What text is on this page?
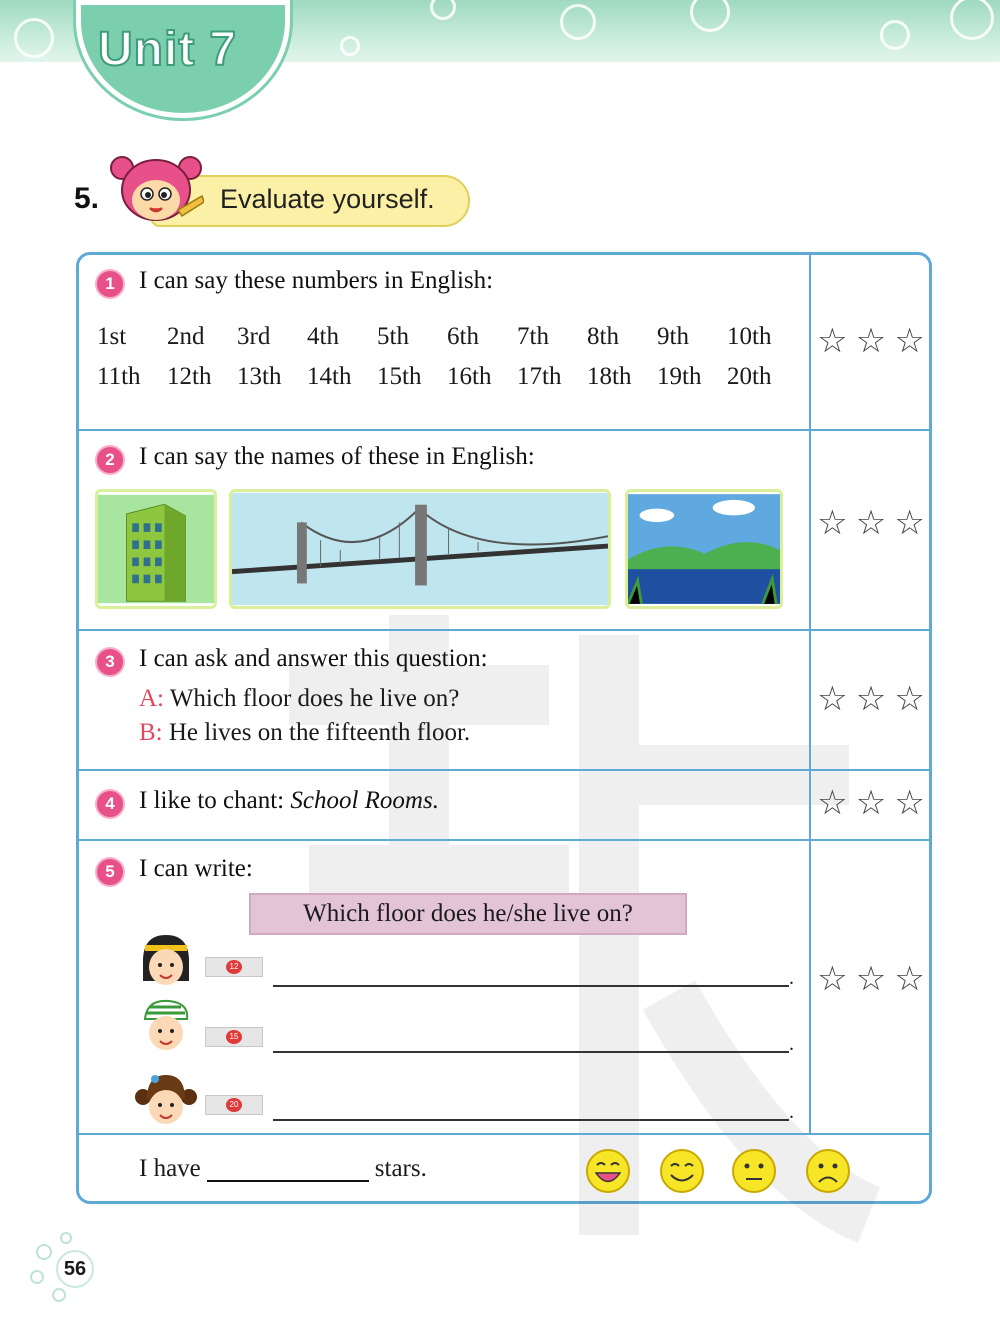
Unit 7
5.	Evaluate yourself.
1 I can say these numbers in English:
1st	2nd	3rd	4th	5th	6th	7th	8th	9th	10th
11th	12th	13th	14th	15th	16th	17th	18th	19th	20th
☆ ☆ ☆
2 I can say the names of these in English:
☆ ☆ ☆
3 I can ask and answer this question:
A: Which floor does he live on?
B: He lives on the fifteenth floor.
☆ ☆ ☆
4 I like to chant: School Rooms.	☆ ☆ ☆
5 I can write:
Which floor does he/she live on?
12
.
15	.
20	.
☆ ☆ ☆
I have	stars.
56
